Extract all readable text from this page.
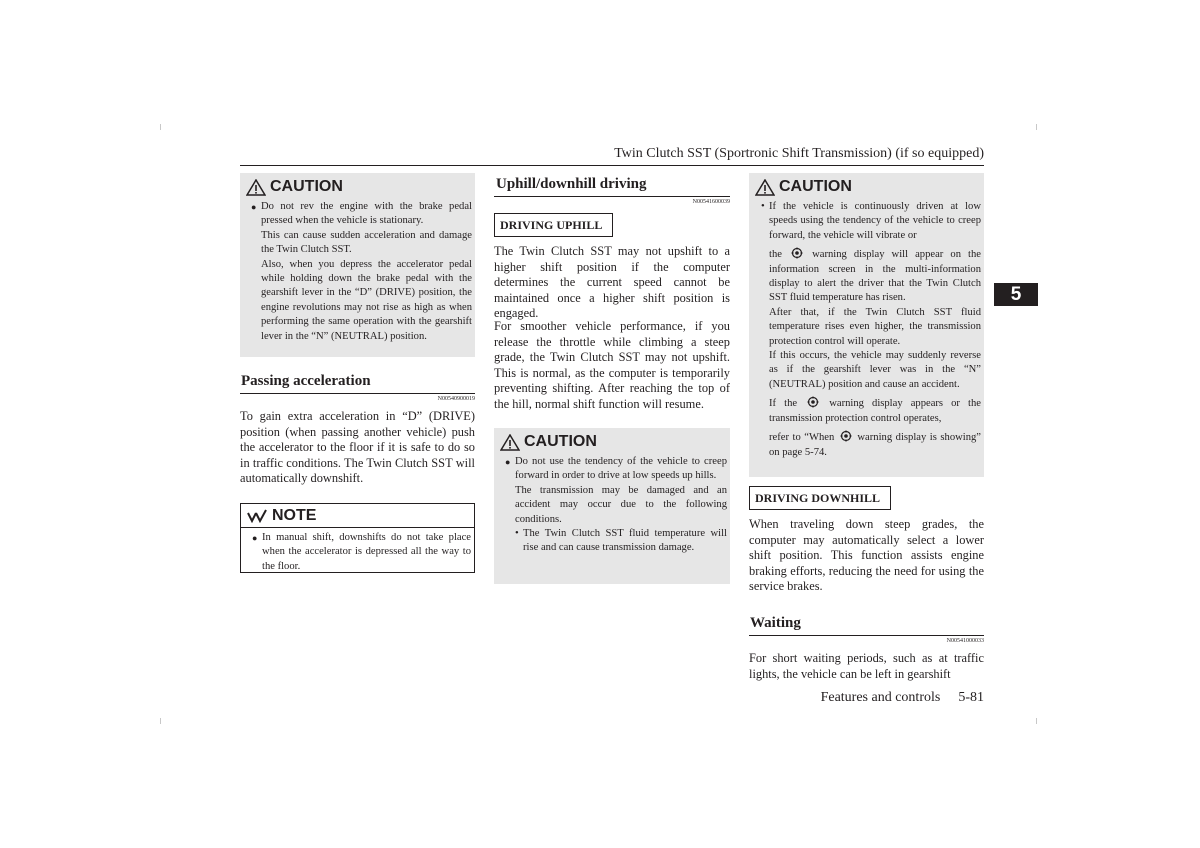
Twin Clutch SST (Sportronic Shift Transmission) (if so equipped)
5
CAUTION
● Do not rev the engine with the brake pedal pressed when the vehicle is stationary.
This can cause sudden acceleration and damage the Twin Clutch SST.
Also, when you depress the accelerator pedal while holding down the brake pedal with the gearshift lever in the “D” (DRIVE) position, the engine revolutions may not rise as high as when performing the same operation with the gearshift lever in the “N” (NEUTRAL) position.
Passing acceleration
N00540900019
To gain extra acceleration in “D” (DRIVE) position (when passing another vehicle) push the accelerator to the floor if it is safe to do so in traffic conditions. The Twin Clutch SST will automatically downshift.
NOTE
● In manual shift, downshifts do not take place when the accelerator is depressed all the way to the floor.
Uphill/downhill driving
N00541600039
DRIVING UPHILL
The Twin Clutch SST may not upshift to a higher shift position if the computer determines the current speed cannot be maintained once a higher shift position is engaged.
For smoother vehicle performance, if you release the throttle while climbing a steep grade, the Twin Clutch SST may not upshift. This is normal, as the computer is temporarily preventing shifting. After reaching the top of the hill, normal shift function will resume.
CAUTION
● Do not use the tendency of the vehicle to creep forward in order to drive at low speeds up hills.
The transmission may be damaged and an accident may occur due to the following conditions.
• The Twin Clutch SST fluid temperature will rise and can cause transmission damage.
CAUTION
• If the vehicle is continuously driven at low speeds using the tendency of the vehicle to creep forward, the vehicle will vibrate or
the	warning display will appear on the information screen in the multi-information display to alert the driver that the Twin Clutch SST fluid temperature has risen.
After that, if the Twin Clutch SST fluid temperature rises even higher, the transmission protection control will operate.
If this occurs, the vehicle may suddenly reverse as if the gearshift lever was in the “N” (NEUTRAL) position and cause an accident.
If the	warning display appears or the transmission protection control operates,
refer to “When warning display is showing” on page 5-74.
DRIVING DOWNHILL
When traveling down steep grades, the computer may automatically select a lower shift position. This function assists engine braking efforts, reducing the need for using the service brakes.
Waiting
N00541000033
For short waiting periods, such as at traffic lights, the vehicle can be left in gearshift
Features and controls 5-81
